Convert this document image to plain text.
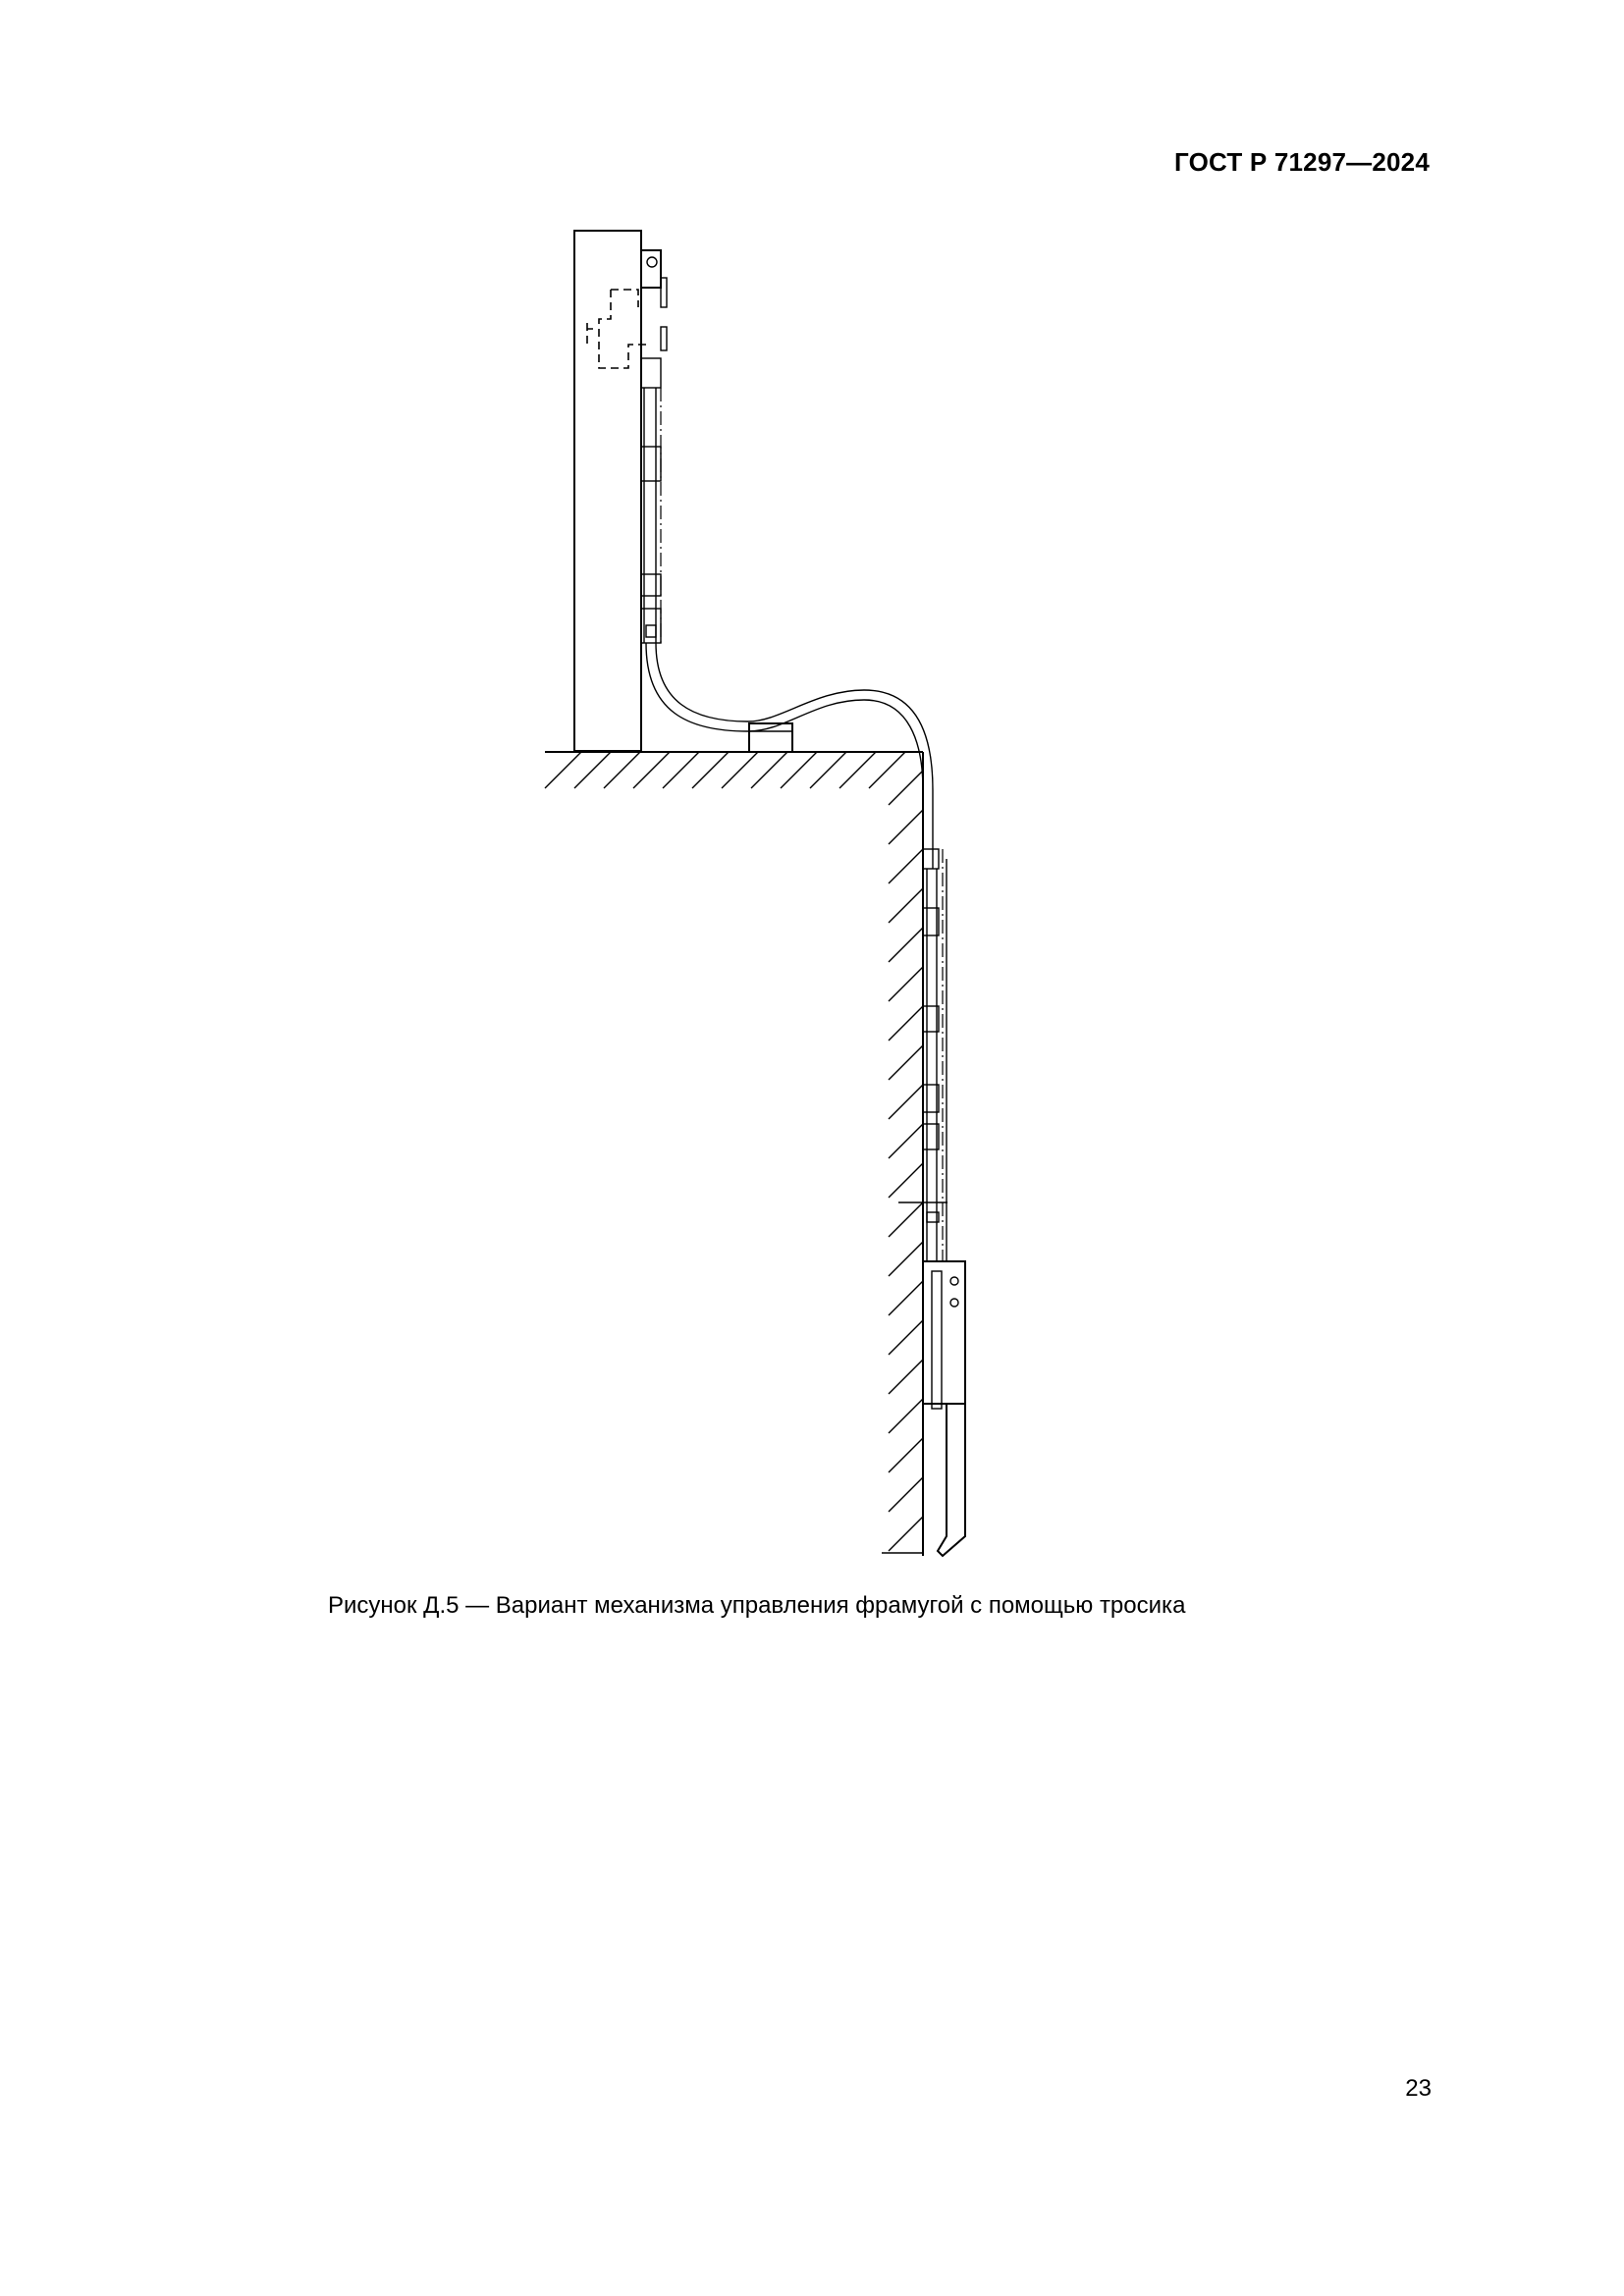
ГОСТ Р 71297—2024
Рисунок Д.5 — Вариант механизма управления фрамугой с помощью тросика
23
